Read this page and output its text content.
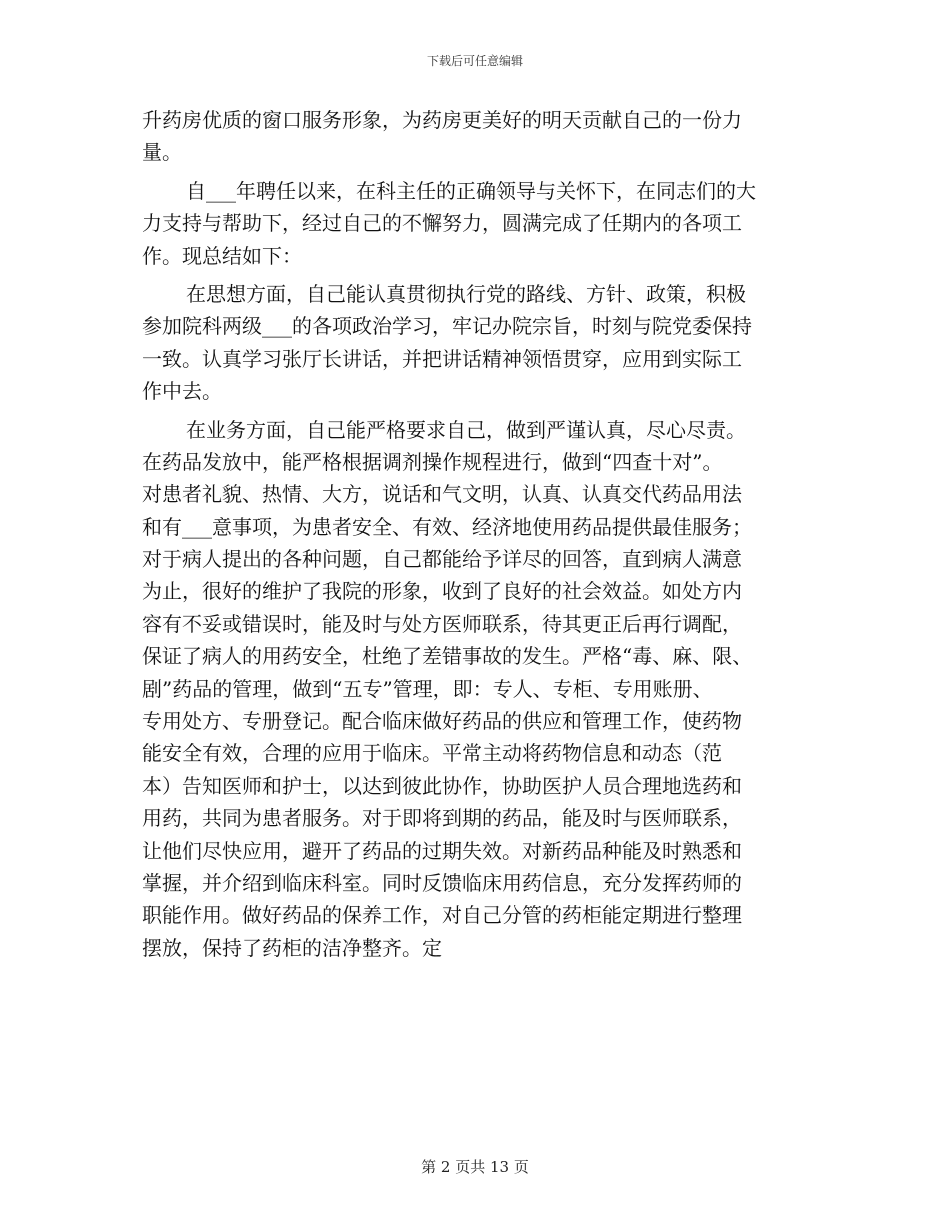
下载后可任意编辑
升药房优质的窗口服务形象，为药房更美好的明天贡献自己的一份力
量。
自___年聘任以来，在科主任的正确领导与关怀下，在同志们的大
力支持与帮助下，经过自己的不懈努力，圆满完成了任期内的各项工
作。现总结如下：
在思想方面，自己能认真贯彻执行党的路线、方针、政策，积极
参加院科两级___的各项政治学习，牢记办院宗旨，时刻与院党委保持
一致。认真学习张厅长讲话，并把讲话精神领悟贯穿，应用到实际工
作中去。
在业务方面，自己能严格要求自己，做到严谨认真，尽心尽责。
在药品发放中，能严格根据调剂操作规程进行，做到“四查十对”。
对患者礼貌、热情、大方，说话和气文明，认真、认真交代药品用法
和有___意事项，为患者安全、有效、经济地使用药品提供最佳服务；
对于病人提出的各种问题，自己都能给予详尽的回答，直到病人满意
为止，很好的维护了我院的形象，收到了良好的社会效益。如处方内
容有不妥或错误时，能及时与处方医师联系，待其更正后再行调配，
保证了病人的用药安全，杜绝了差错事故的发生。严格“毒、麻、限、
剧”药品的管理，做到“五专”管理，即：专人、专柜、专用账册、
专用处方、专册登记。配合临床做好药品的供应和管理工作，使药物
能安全有效，合理的应用于临床。平常主动将药物信息和动态（范
本）告知医师和护士，以达到彼此协作，协助医护人员合理地选药和
用药，共同为患者服务。对于即将到期的药品，能及时与医师联系，
让他们尽快应用，避开了药品的过期失效。对新药品种能及时熟悉和
掌握，并介绍到临床科室。同时反馈临床用药信息，充分发挥药师的
职能作用。做好药品的保养工作，对自己分管的药柜能定期进行整理
摆放，保持了药柜的洁净整齐。定
第 2 页共 13 页
